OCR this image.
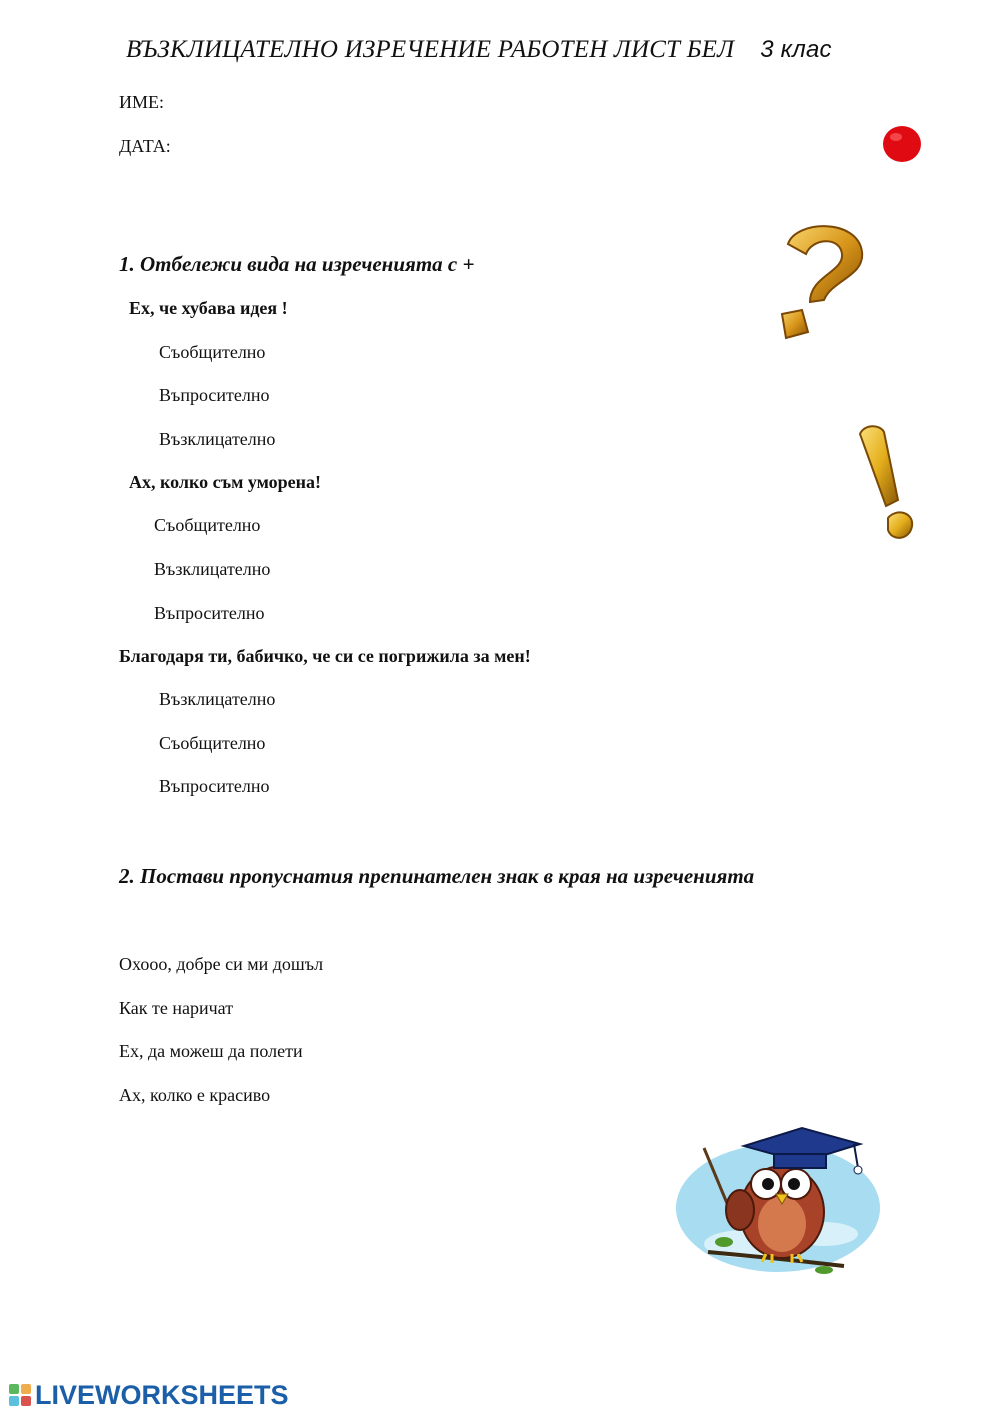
ВЪЗКЛИЦАТЕЛНО ИЗРЕЧЕНИЕ РАБОТЕН ЛИСТ БЕЛ 3 клас
ИМЕ:
ДАТА:
1. Отбележи вида на изреченията с +
Ех, че хубава идея !
Съобщително
Въпросително
Възклицателно
Ах, колко съм уморена!
Съобщително
Възклицателно
Въпросително
Благодаря ти, бабичко, че си се погрижила за мен!
Възклицателно
Съобщително
Въпросително
2. Постави пропуснатия препинателен знак в края на изреченията
Охооо, добре си ми дошъл
Как те наричат
Ех, да можеш да полети
Ах, колко е красиво
LIVEWORKSHEETS
